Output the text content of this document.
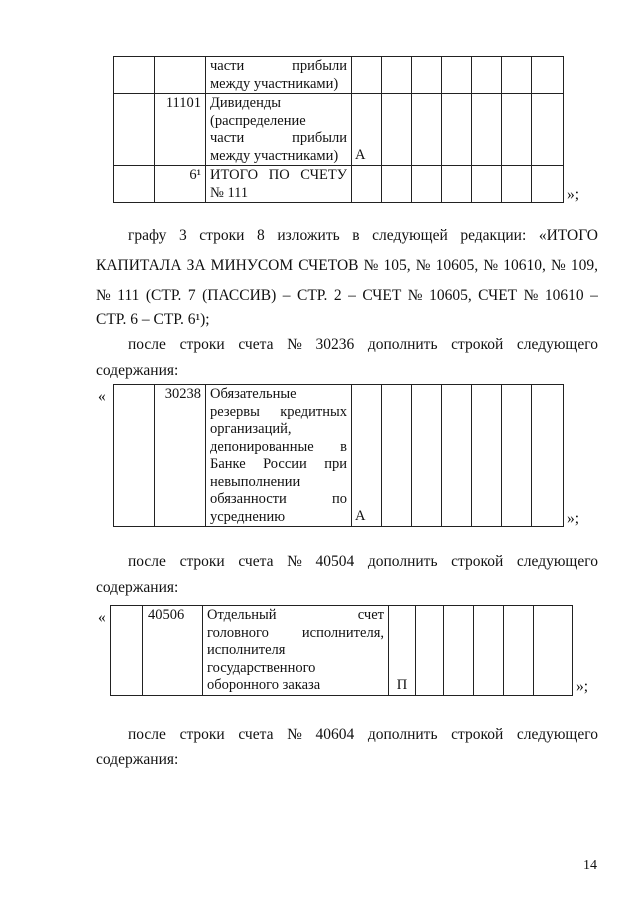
		части прибыли
между участниками)							

	11101	Дивиденды
(распределение
части прибыли
между участниками)	А						
	6¹	ИТОГО ПО СЧЕТУ
№ 111							
								»;
графу 3 строки 8 изложить в следующей редакции: «ИТОГО
КАПИТАЛА ЗА МИНУСОМ СЧЕТОВ № 105, № 10605, № 10610, № 109,
№ 111 (СТР. 7 (ПАССИВ) – СТР. 2 – СЧЕТ № 10605, СЧЕТ № 10610 –
СТР. 6 – СТР. 6¹);
после строки счета № 30236 дополнить строкой следующего
содержания:
«
		30238	Обязательные
резервы кредитных
организаций,
депонированные в
Банке России при
невыполнении
обязанности по
усреднению	А							»;
после строки счета № 40504 дополнить строкой следующего
содержания:
«
		40506	Отдельный счет
головного исполнителя,
исполнителя
государственного
оборонного заказа	П							»;
после строки счета № 40604 дополнить строкой следующего
содержания:
14
